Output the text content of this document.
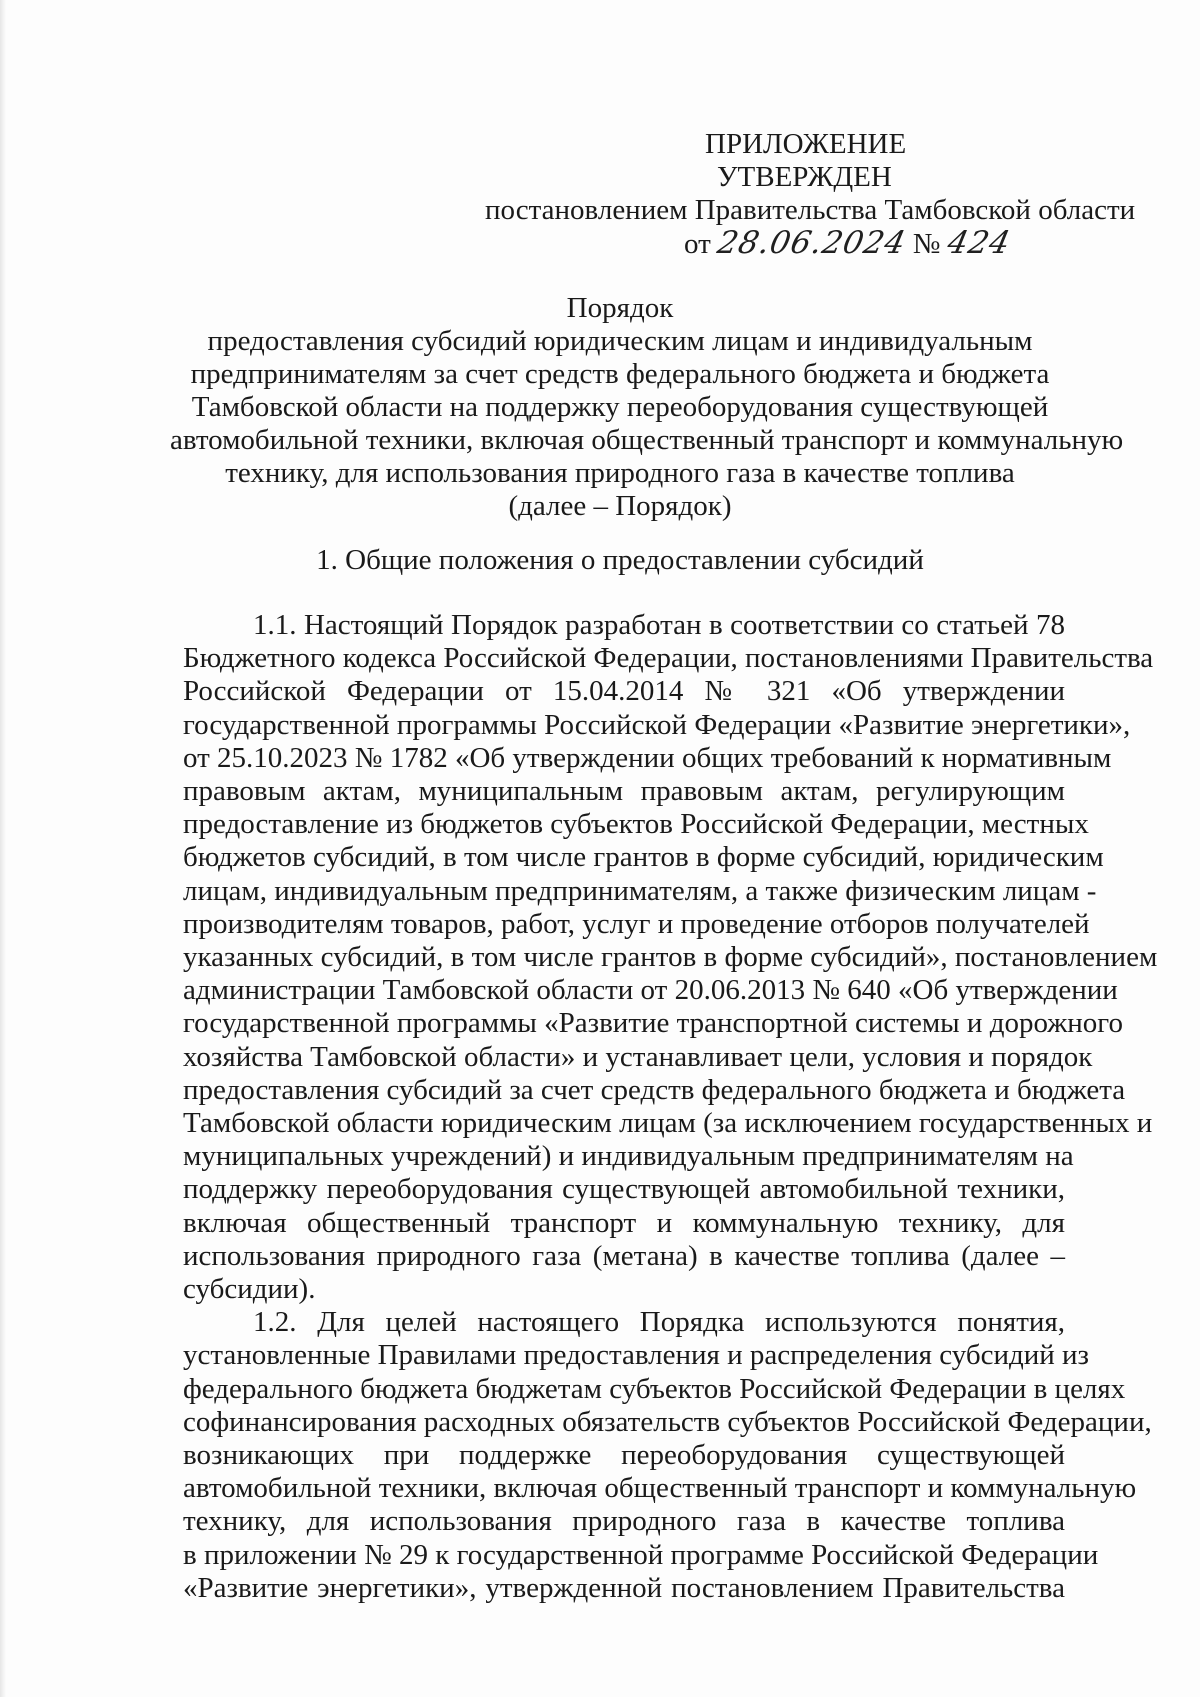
ПРИЛОЖЕНИЕ
УТВЕРЖДЕН
постановлением Правительства Тамбовской области
от 28.06.2024 № 424
Порядок
предоставления субсидий юридическим лицам и индивидуальным
предпринимателям за счет средств федерального бюджета и бюджета
Тамбовской области на поддержку переоборудования существующей
автомобильной техники, включая общественный транспорт и коммунальную
технику, для использования природного газа в качестве топлива
(далее – Порядок)
1. Общие положения о предоставлении субсидий
1.1. Настоящий Порядок разработан в соответствии со статьей 78
Бюджетного кодекса Российской Федерации, постановлениями Правительства
Российской Федерации от 15.04.2014 № 321 «Об утверждении
государственной программы Российской Федерации «Развитие энергетики»,
от 25.10.2023 № 1782 «Об утверждении общих требований к нормативным
правовым актам, муниципальным правовым актам, регулирующим
предоставление из бюджетов субъектов Российской Федерации, местных
бюджетов субсидий, в том числе грантов в форме субсидий, юридическим
лицам, индивидуальным предпринимателям, а также физическим лицам -
производителям товаров, работ, услуг и проведение отборов получателей
указанных субсидий, в том числе грантов в форме субсидий», постановлением
администрации Тамбовской области от 20.06.2013 № 640 «Об утверждении
государственной программы «Развитие транспортной системы и дорожного
хозяйства Тамбовской области» и устанавливает цели, условия и порядок
предоставления субсидий за счет средств федерального бюджета и бюджета
Тамбовской области юридическим лицам (за исключением государственных и
муниципальных учреждений) и индивидуальным предпринимателям на
поддержку переоборудования существующей автомобильной техники,
включая общественный транспорт и коммунальную технику, для
использования природного газа (метана) в качестве топлива (далее –
субсидии).
1.2. Для целей настоящего Порядка используются понятия,
установленные Правилами предоставления и распределения субсидий из
федерального бюджета бюджетам субъектов Российской Федерации в целях
софинансирования расходных обязательств субъектов Российской Федерации,
возникающих при поддержке переоборудования существующей
автомобильной техники, включая общественный транспорт и коммунальную
технику, для использования природного газа в качестве топлива
в приложении № 29 к государственной программе Российской Федерации
«Развитие энергетики», утвержденной постановлением Правительства
